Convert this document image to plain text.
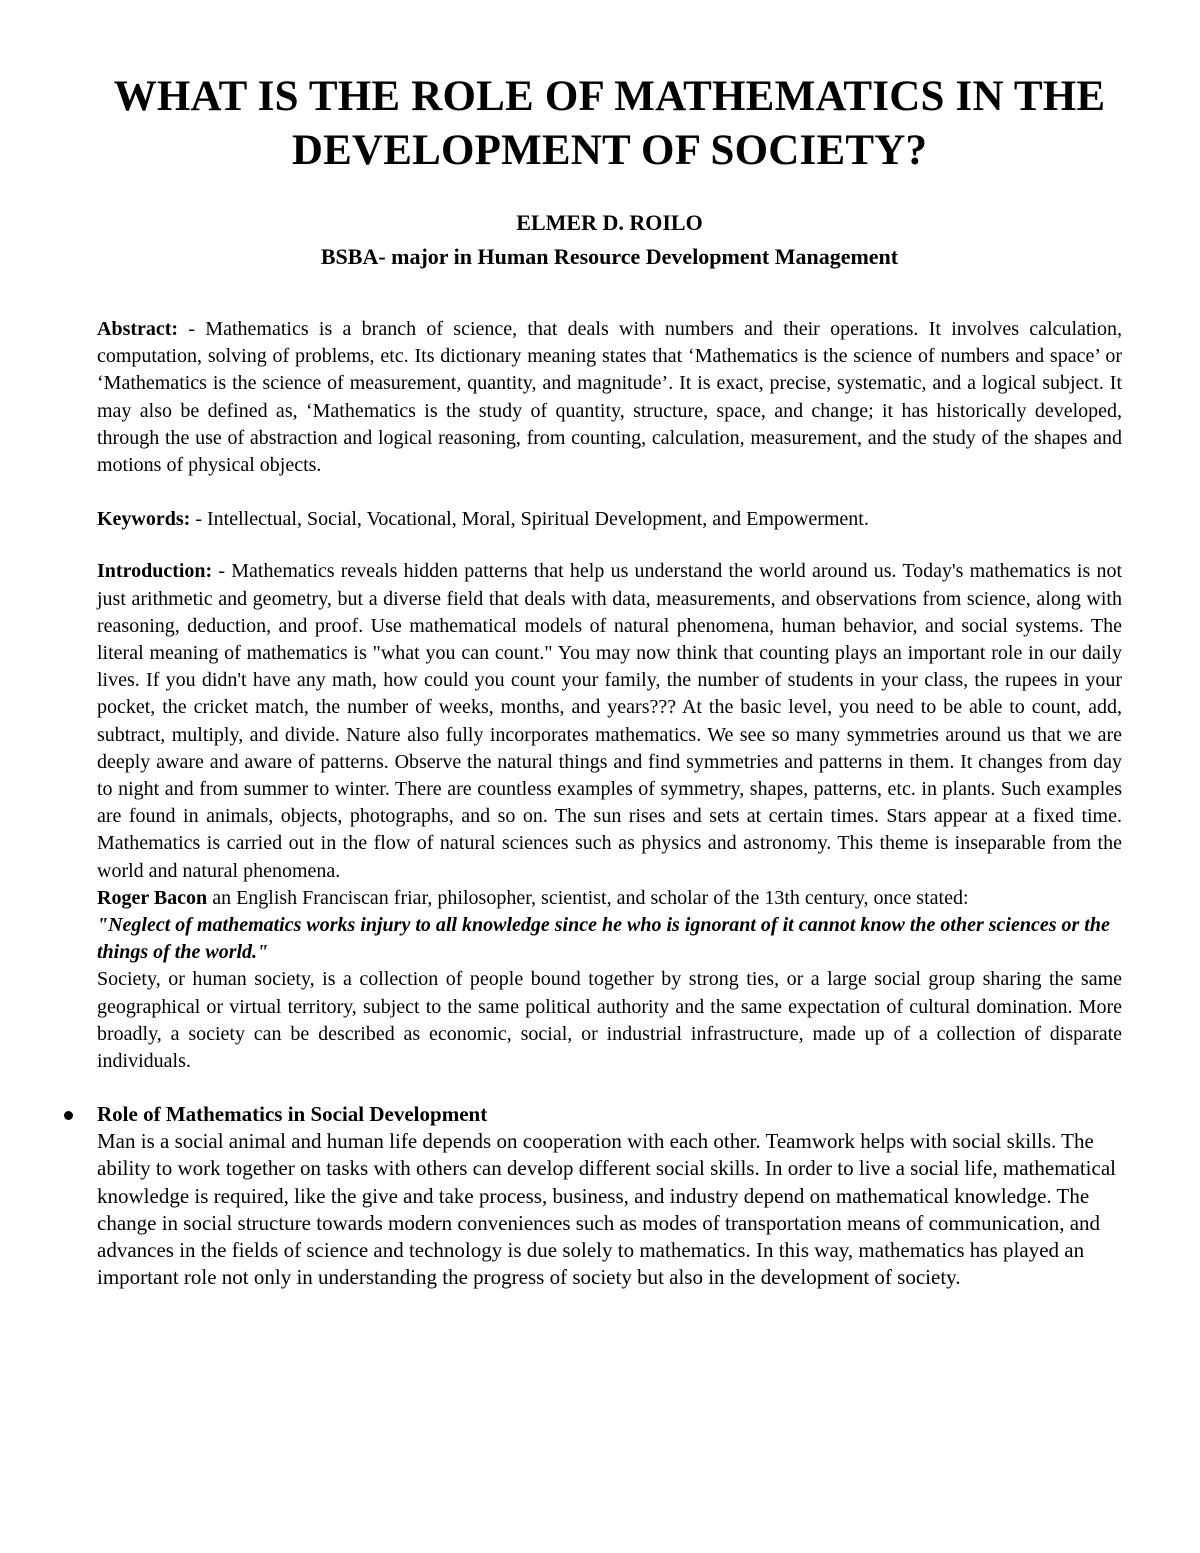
WHAT IS THE ROLE OF MATHEMATICS IN THE DEVELOPMENT OF SOCIETY?
ELMER D. ROILO
BSBA- major in Human Resource Development Management

Abstract: - Mathematics is a branch of science, that deals with numbers and their operations. It involves calculation, computation, solving of problems, etc. Its dictionary meaning states that ‘Mathematics is the science of numbers and space’ or ‘Mathematics is the science of measurement, quantity, and magnitude’. It is exact, precise, systematic, and a logical subject. It may also be defined as, ‘Mathematics is the study of quantity, structure, space, and change; it has historically developed, through the use of abstraction and logical reasoning, from counting, calculation, measurement, and the study of the shapes and motions of physical objects.

Keywords: - Intellectual, Social, Vocational, Moral, Spiritual Development, and Empowerment.

Introduction: - Mathematics reveals hidden patterns that help us understand the world around us. Today's mathematics is not just arithmetic and geometry, but a diverse field that deals with data, measurements, and observations from science, along with reasoning, deduction, and proof. Use mathematical models of natural phenomena, human behavior, and social systems. The literal meaning of mathematics is "what you can count." You may now think that counting plays an important role in our daily lives. If you didn't have any math, how could you count your family, the number of students in your class, the rupees in your pocket, the cricket match, the number of weeks, months, and years??? At the basic level, you need to be able to count, add, subtract, multiply, and divide. Nature also fully incorporates mathematics. We see so many symmetries around us that we are deeply aware and aware of patterns. Observe the natural things and find symmetries and patterns in them. It changes from day to night and from summer to winter. There are countless examples of symmetry, shapes, patterns, etc. in plants. Such examples are found in animals, objects, photographs, and so on. The sun rises and sets at certain times. Stars appear at a fixed time. Mathematics is carried out in the flow of natural sciences such as physics and astronomy. This theme is inseparable from the world and natural phenomena.

Roger Bacon an English Franciscan friar, philosopher, scientist, and scholar of the 13th century, once stated:

"Neglect of mathematics works injury to all knowledge since he who is ignorant of it cannot know the other sciences or the things of the world."

Society, or human society, is a collection of people bound together by strong ties, or a large social group sharing the same geographical or virtual territory, subject to the same political authority and the same expectation of cultural domination. More broadly, a society can be described as economic, social, or industrial infrastructure, made up of a collection of disparate individuals.

Role of Mathematics in Social Development

Man is a social animal and human life depends on cooperation with each other. Teamwork helps with social skills. The ability to work together on tasks with others can develop different social skills. In order to live a social life, mathematical knowledge is required, like the give and take process, business, and industry depend on mathematical knowledge. The change in social structure towards modern conveniences such as modes of transportation means of communication, and advances in the fields of science and technology is due solely to mathematics. In this way, mathematics has played an important role not only in understanding the progress of society but also in the development of society.
